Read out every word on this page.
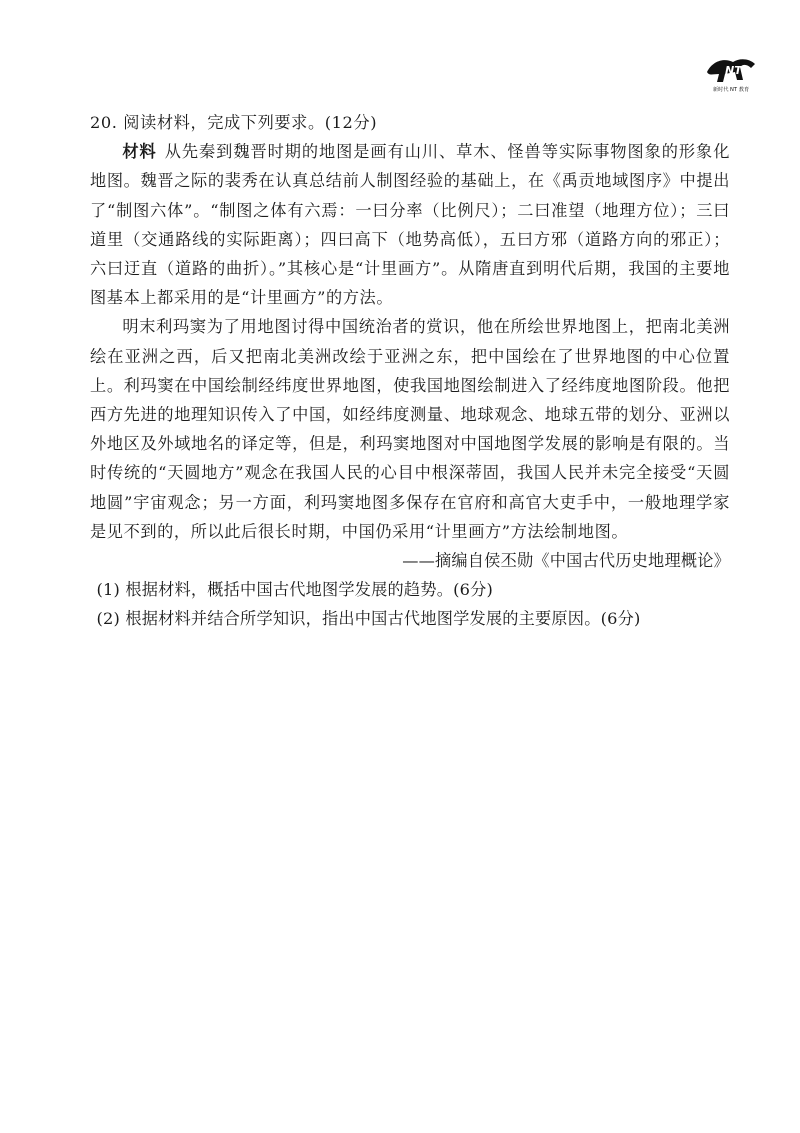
NT
新时代 NT 教育
20. 阅读材料，完成下列要求。(12分)

材料 从先秦到魏晋时期的地图是画有山川、草木、怪兽等实际事物图象的形象化地图。魏晋之际的裴秀在认真总结前人制图经验的基础上，在《禹贡地域图序》中提出了“制图六体”。“制图之体有六焉：一曰分率（比例尺）；二曰准望（地理方位）；三曰道里（交通路线的实际距离）；四曰高下（地势高低），五曰方邪（道路方向的邪正）；六曰迂直（道路的曲折）。”其核心是“计里画方”。从隋唐直到明代后期，我国的主要地图基本上都采用的是“计里画方”的方法。

明末利玛窦为了用地图讨得中国统治者的赏识，他在所绘世界地图上，把南北美洲绘在亚洲之西，后又把南北美洲改绘于亚洲之东，把中国绘在了世界地图的中心位置上。利玛窦在中国绘制经纬度世界地图，使我国地图绘制进入了经纬度地图阶段。他把西方先进的地理知识传入了中国，如经纬度测量、地球观念、地球五带的划分、亚洲以外地区及外域地名的译定等，但是，利玛窦地图对中国地图学发展的影响是有限的。当时传统的“天圆地方”观念在我国人民的心目中根深蒂固，我国人民并未完全接受“天圆地圆”宇宙观念；另一方面，利玛窦地图多保存在官府和高官大吏手中，一般地理学家是见不到的，所以此后很长时期，中国仍采用“计里画方”方法绘制地图。

——摘编自侯丕勋《中国古代历史地理概论》
(1) 根据材料，概括中国古代地图学发展的趋势。(6分)
(2) 根据材料并结合所学知识，指出中国古代地图学发展的主要原因。(6分)
